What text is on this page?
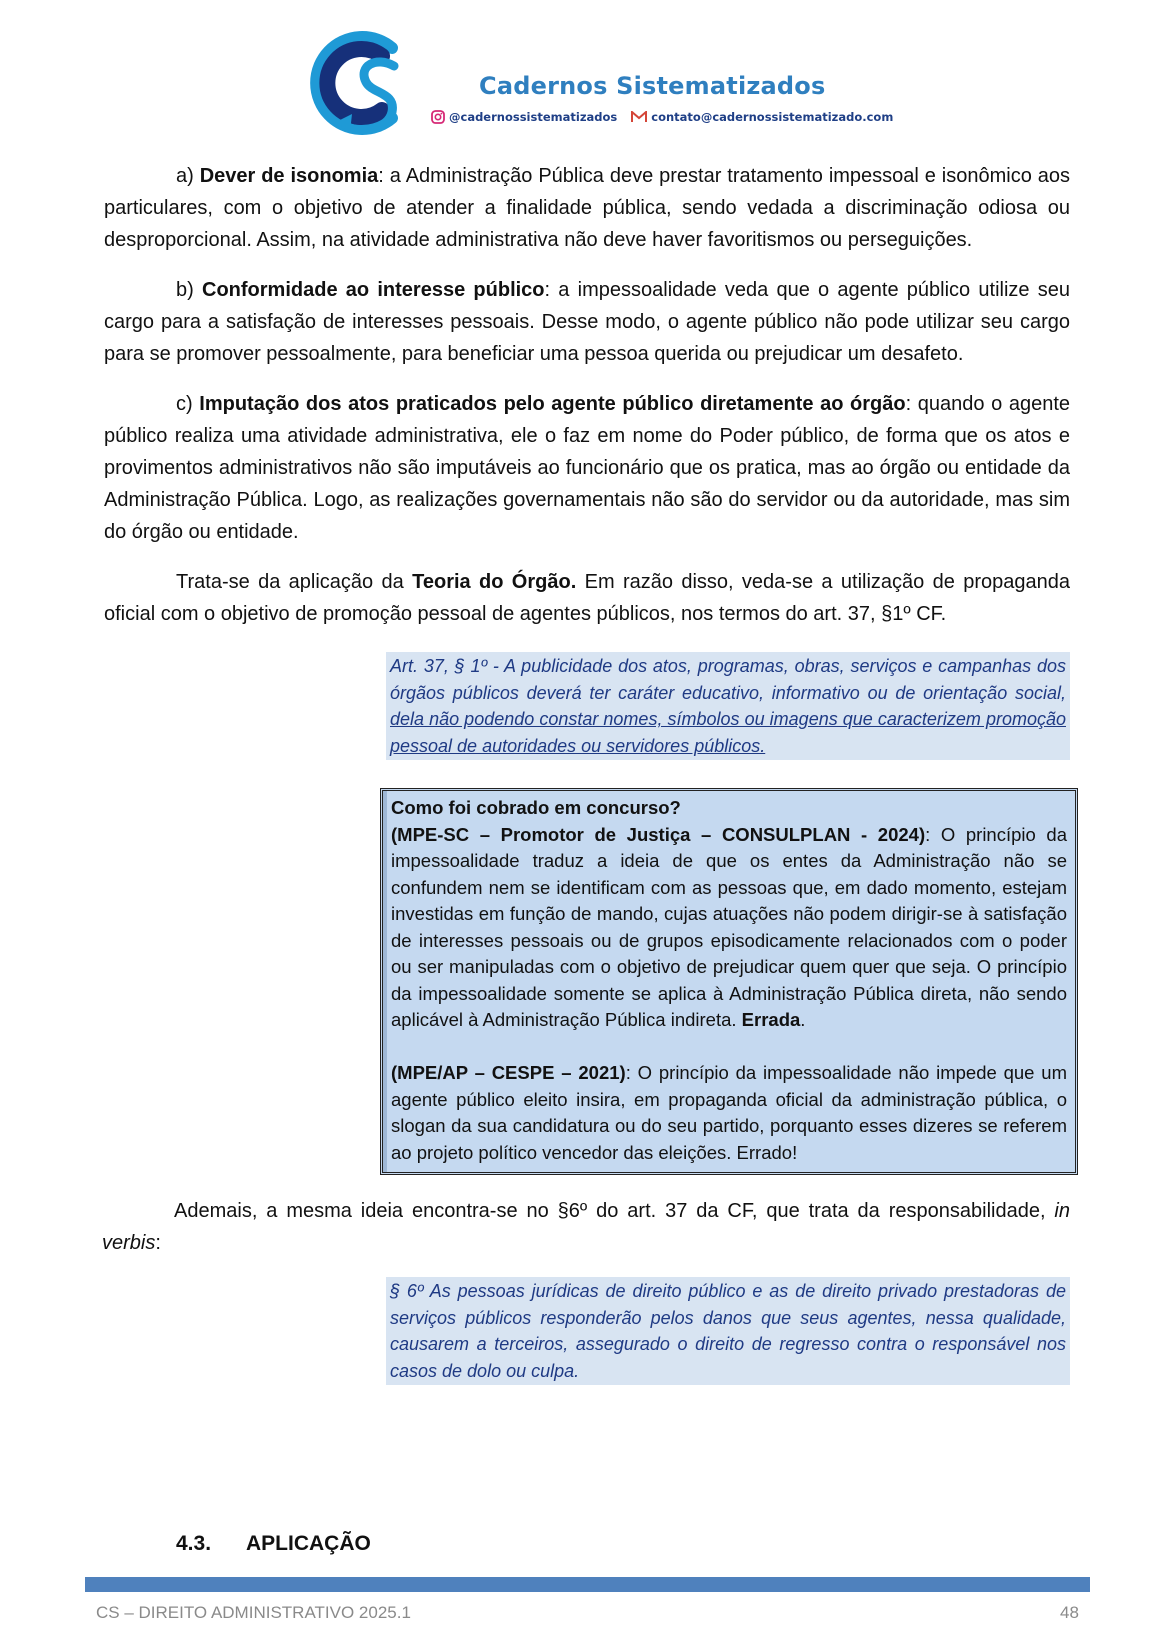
Cadernos Sistematizados
@cadernossistematizados	contato@cadernossistematizado.com

a) Dever de isonomia: a Administração Pública deve prestar tratamento impessoal e isonômico aos particulares, com o objetivo de atender a finalidade pública, sendo vedada a discriminação odiosa ou desproporcional. Assim, na atividade administrativa não deve haver favoritismos ou perseguições.

b) Conformidade ao interesse público: a impessoalidade veda que o agente público utilize seu cargo para a satisfação de interesses pessoais. Desse modo, o agente público não pode utilizar seu cargo para se promover pessoalmente, para beneficiar uma pessoa querida ou prejudicar um desafeto.

c) Imputação dos atos praticados pelo agente público diretamente ao órgão: quando o agente público realiza uma atividade administrativa, ele o faz em nome do Poder público, de forma que os atos e provimentos administrativos não são imputáveis ao funcionário que os pratica, mas ao órgão ou entidade da Administração Pública. Logo, as realizações governamentais não são do servidor ou da autoridade, mas sim do órgão ou entidade.

Trata-se da aplicação da Teoria do Órgão. Em razão disso, veda-se a utilização de propaganda oficial com o objetivo de promoção pessoal de agentes públicos, nos termos do art. 37, §1º CF.

Art. 37, § 1º - A publicidade dos atos, programas, obras, serviços e campanhas dos órgãos públicos deverá ter caráter educativo, informativo ou de orientação social, dela não podendo constar nomes, símbolos ou imagens que caracterizem promoção pessoal de autoridades ou servidores públicos.
Como foi cobrado em concurso?
(MPE-SC – Promotor de Justiça – CONSULPLAN - 2024): O princípio da impessoalidade traduz a ideia de que os entes da Administração não se confundem nem se identificam com as pessoas que, em dado momento, estejam investidas em função de mando, cujas atuações não podem dirigir-se à satisfação de interesses pessoais ou de grupos episodicamente relacionados com o poder ou ser manipuladas com o objetivo de prejudicar quem quer que seja. O princípio da impessoalidade somente se aplica à Administração Pública direta, não sendo aplicável à Administração Pública indireta. Errada.
(MPE/AP – CESPE – 2021): O princípio da impessoalidade não impede que um agente público eleito insira, em propaganda oficial da administração pública, o slogan da sua candidatura ou do seu partido, porquanto esses dizeres se referem ao projeto político vencedor das eleições. Errado!

Ademais, a mesma ideia encontra-se no §6º do art. 37 da CF, que trata da responsabilidade, in verbis:

§ 6º As pessoas jurídicas de direito público e as de direito privado prestadoras de serviços públicos responderão pelos danos que seus agentes, nessa qualidade, causarem a terceiros, assegurado o direito de regresso contra o responsável nos casos de dolo ou culpa.
4.3. APLICAÇÃO
CS – DIREITO ADMINISTRATIVO 2025.1	48
